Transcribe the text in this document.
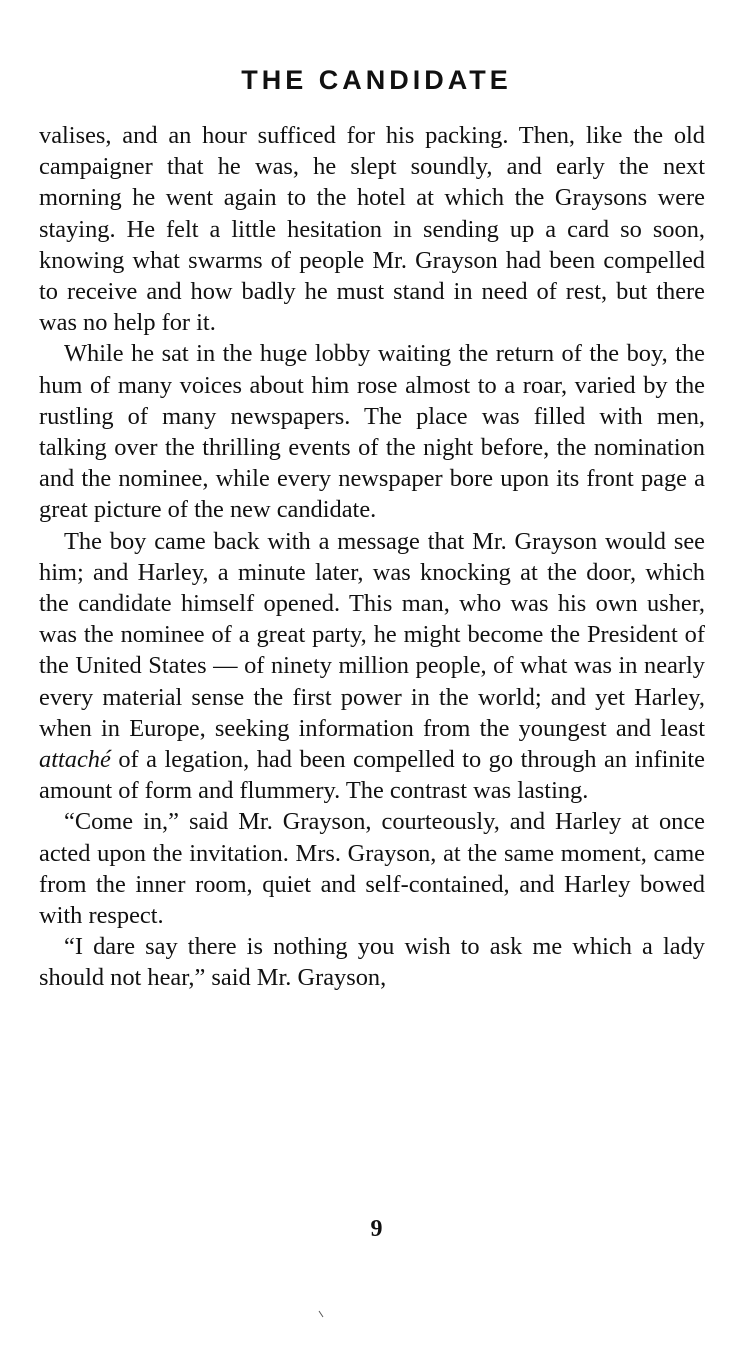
THE CANDIDATE

valises, and an hour sufficed for his packing. Then, like the old campaigner that he was, he slept soundly, and early the next morning he went again to the hotel at which the Graysons were staying. He felt a little hesitation in sending up a card so soon, knowing what swarms of people Mr. Grayson had been compelled to receive and how badly he must stand in need of rest, but there was no help for it.

While he sat in the huge lobby waiting the return of the boy, the hum of many voices about him rose almost to a roar, varied by the rustling of many newspapers. The place was filled with men, talking over the thrilling events of the night before, the nomination and the nominee, while every newspaper bore upon its front page a great picture of the new candidate.

The boy came back with a message that Mr. Grayson would see him; and Harley, a minute later, was knocking at the door, which the candidate himself opened. This man, who was his own usher, was the nominee of a great party, he might become the President of the United States — of ninety million people, of what was in nearly every material sense the first power in the world; and yet Harley, when in Europe, seeking information from the youngest and least attaché of a legation, had been compelled to go through an infinite amount of form and flummery. The contrast was lasting.

“Come in,” said Mr. Grayson, courteously, and Harley at once acted upon the invitation. Mrs. Grayson, at the same moment, came from the inner room, quiet and self-contained, and Harley bowed with respect.

“I dare say there is nothing you wish to ask me which a lady should not hear,” said Mr. Grayson,

9
